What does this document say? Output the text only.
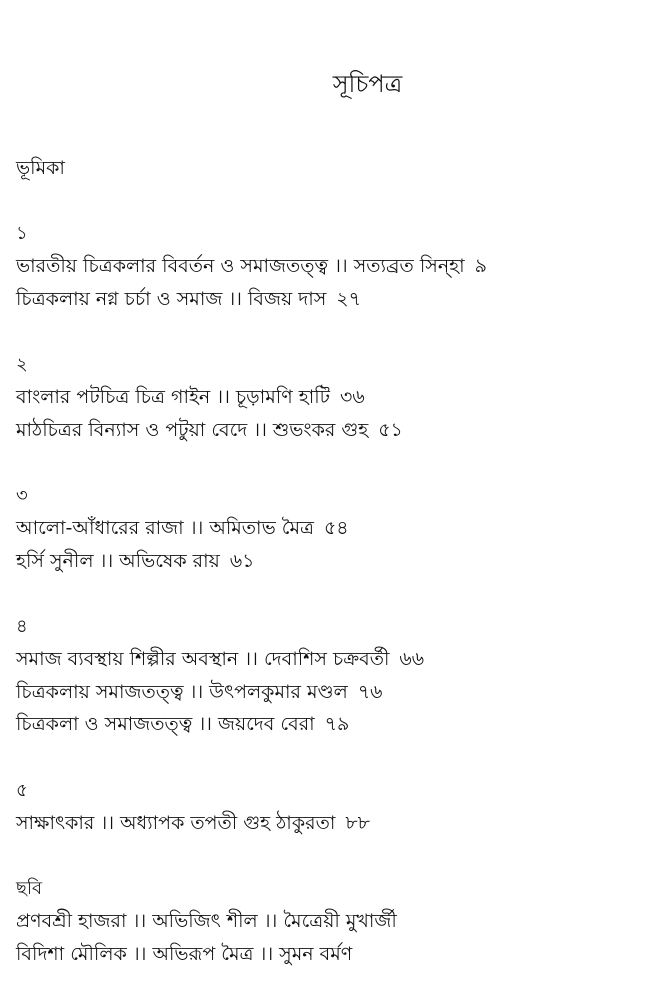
সূচিপত্র
ভূমিকা
১
ভারতীয় চিত্রকলার বিবর্তন ও সমাজতত্ত্ব ।। সত্যব্রত সিন্‌হা ৯
চিত্রকলায় নগ্ন চর্চা ও সমাজ ।। বিজয় দাস ২৭
২
বাংলার পটচিত্র চিত্র গাইন ।। চূড়ামণি হাটি ৩৬
মাঠচিত্রর বিন্যাস ও পটুয়া বেদে ।। শুভংকর গুহ ৫১
৩
আলো-আঁধারের রাজা ।। অমিতাভ মৈত্র ৫৪
হর্সি সুনীল ।। অভিষেক রায় ৬১
৪
সমাজ ব্যবস্থায় শিল্পীর অবস্থান ।। দেবাশিস চক্রবর্তী ৬৬
চিত্রকলায় সমাজতত্ত্ব ।। উৎপলকুমার মণ্ডল ৭৬
চিত্রকলা ও সমাজতত্ত্ব ।। জয়দেব বেরা ৭৯
৫
সাক্ষাৎকার ।। অধ্যাপক তপতী গুহ ঠাকুরতা ৮৮
ছবি
প্রণবশ্রী হাজরা ।। অভিজিৎ শীল ।। মৈত্রেয়ী মুখার্জী
বিদিশা মৌলিক ।। অভিরূপ মৈত্র ।। সুমন বর্মণ
